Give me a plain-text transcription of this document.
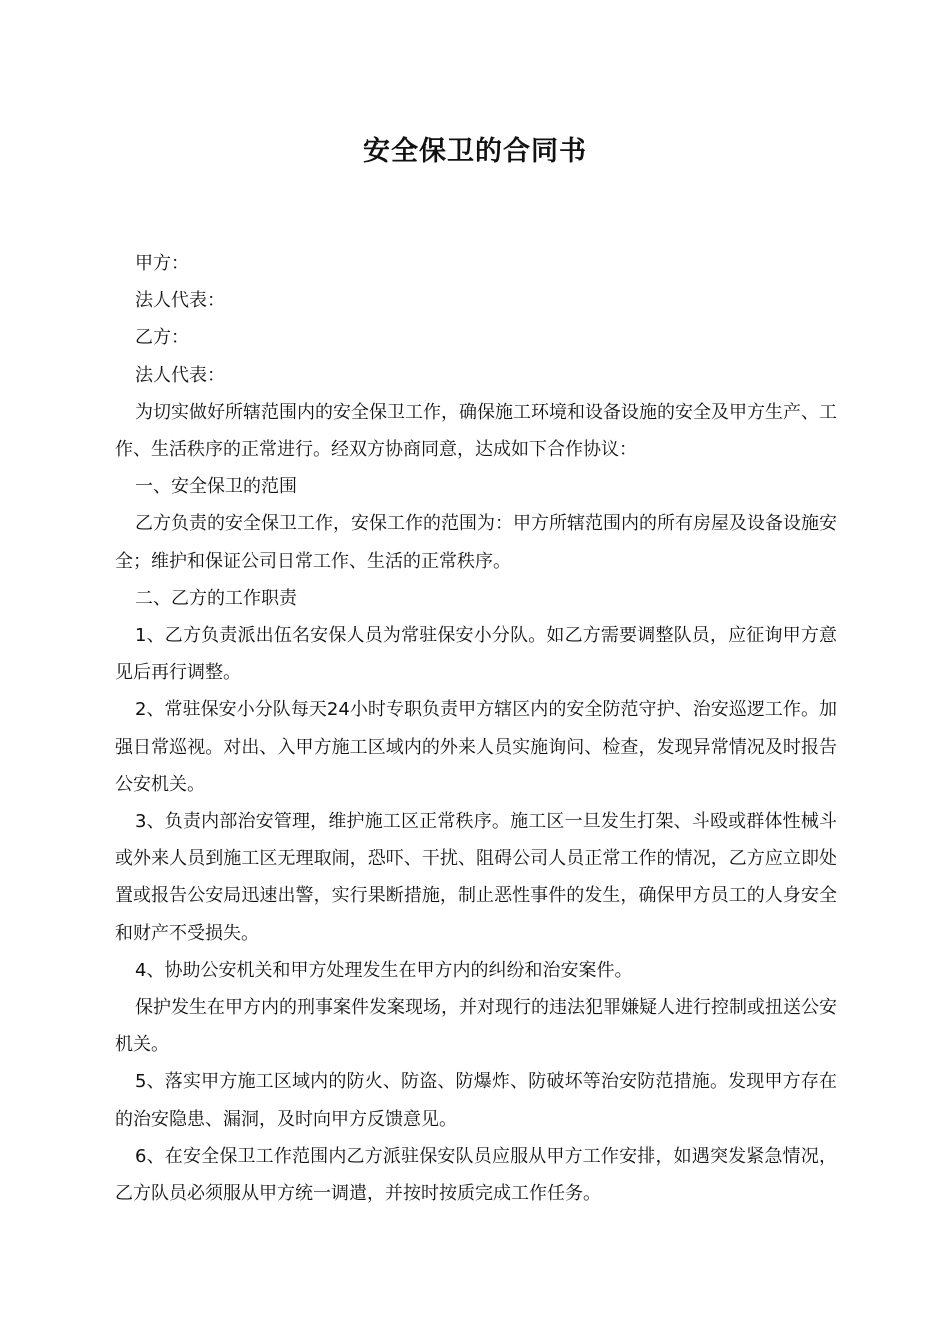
安全保卫的合同书

甲方：

法人代表：

乙方：

法人代表：

为切实做好所辖范围内的安全保卫工作，确保施工环境和设备设施的安全及甲方生产、工作、生活秩序的正常进行。经双方协商同意，达成如下合作协议：

一、安全保卫的范围

乙方负责的安全保卫工作，安保工作的范围为：甲方所辖范围内的所有房屋及设备设施安全；维护和保证公司日常工作、生活的正常秩序。

二、乙方的工作职责

1、乙方负责派出伍名安保人员为常驻保安小分队。如乙方需要调整队员，应征询甲方意见后再行调整。

2、常驻保安小分队每天24小时专职负责甲方辖区内的安全防范守护、治安巡逻工作。加强日常巡视。对出、入甲方施工区域内的外来人员实施询问、检查，发现异常情况及时报告公安机关。

3、负责内部治安管理，维护施工区正常秩序。施工区一旦发生打架、斗殴或群体性械斗或外来人员到施工区无理取闹，恐吓、干扰、阻碍公司人员正常工作的情况，乙方应立即处置或报告公安局迅速出警，实行果断措施，制止恶性事件的发生，确保甲方员工的人身安全和财产不受损失。

4、协助公安机关和甲方处理发生在甲方内的纠纷和治安案件。

保护发生在甲方内的刑事案件发案现场，并对现行的违法犯罪嫌疑人进行控制或扭送公安机关。

5、落实甲方施工区域内的防火、防盗、防爆炸、防破坏等治安防范措施。发现甲方存在的治安隐患、漏洞，及时向甲方反馈意见。

6、在安全保卫工作范围内乙方派驻保安队员应服从甲方工作安排，如遇突发紧急情况，乙方队员必须服从甲方统一调遣，并按时按质完成工作任务。
